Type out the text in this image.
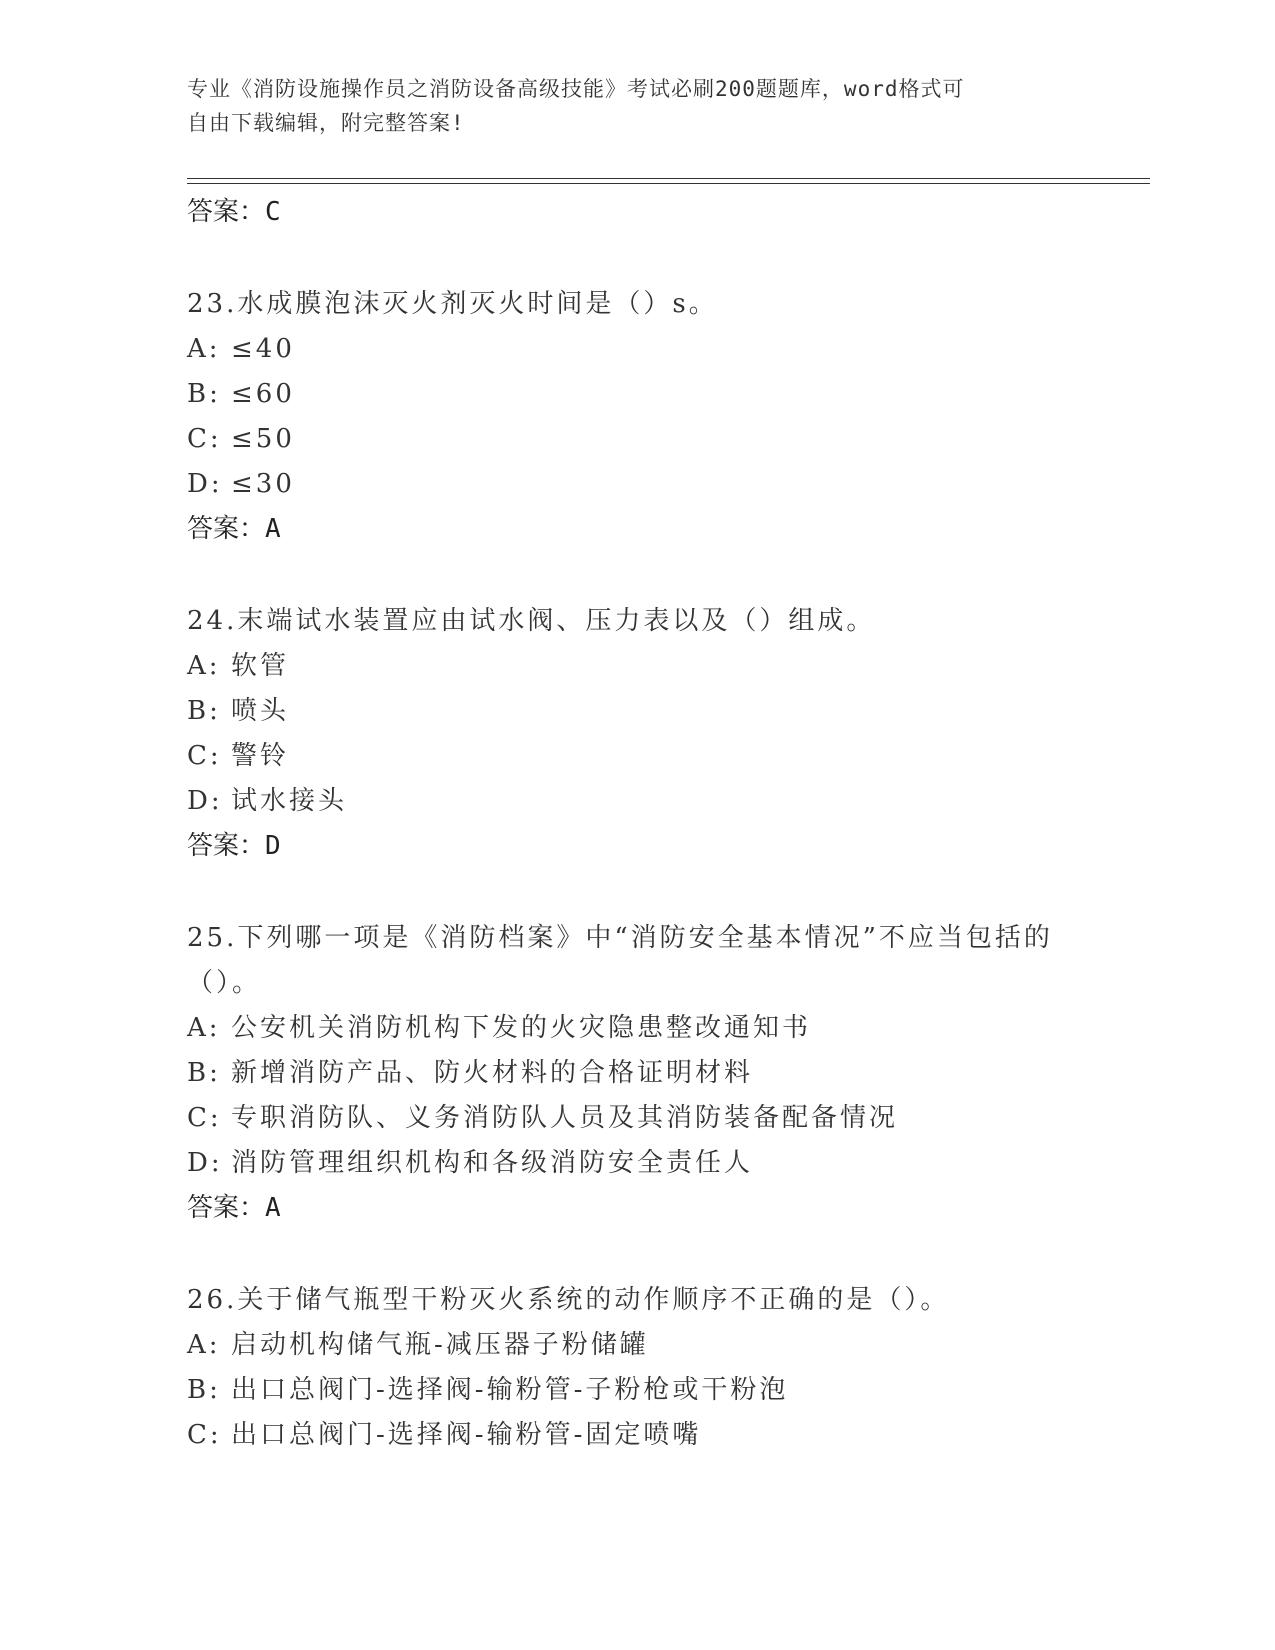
专业《消防设施操作员之消防设备高级技能》考试必刷200题题库，word格式可
自由下载编辑，附完整答案!
答案：C
23.水成膜泡沫灭火剂灭火时间是（）s。
A: ≤40
B: ≤60
C: ≤50
D: ≤30
答案：A
24.末端试水装置应由试水阀、压力表以及（）组成。
A: 软管
B: 喷头
C: 警铃
D: 试水接头
答案：D
25.下列哪一项是《消防档案》中“消防安全基本情况”不应当包括的（）。
A: 公安机关消防机构下发的火灾隐患整改通知书
B: 新增消防产品、防火材料的合格证明材料
C: 专职消防队、义务消防队人员及其消防装备配备情况
D: 消防管理组织机构和各级消防安全责任人
答案：A
26.关于储气瓶型干粉灭火系统的动作顺序不正确的是（）。
A: 启动机构储气瓶-减压器子粉储罐
B: 出口总阀门-选择阀-输粉管-子粉枪或干粉泡
C: 出口总阀门-选择阀-输粉管-固定喷嘴
